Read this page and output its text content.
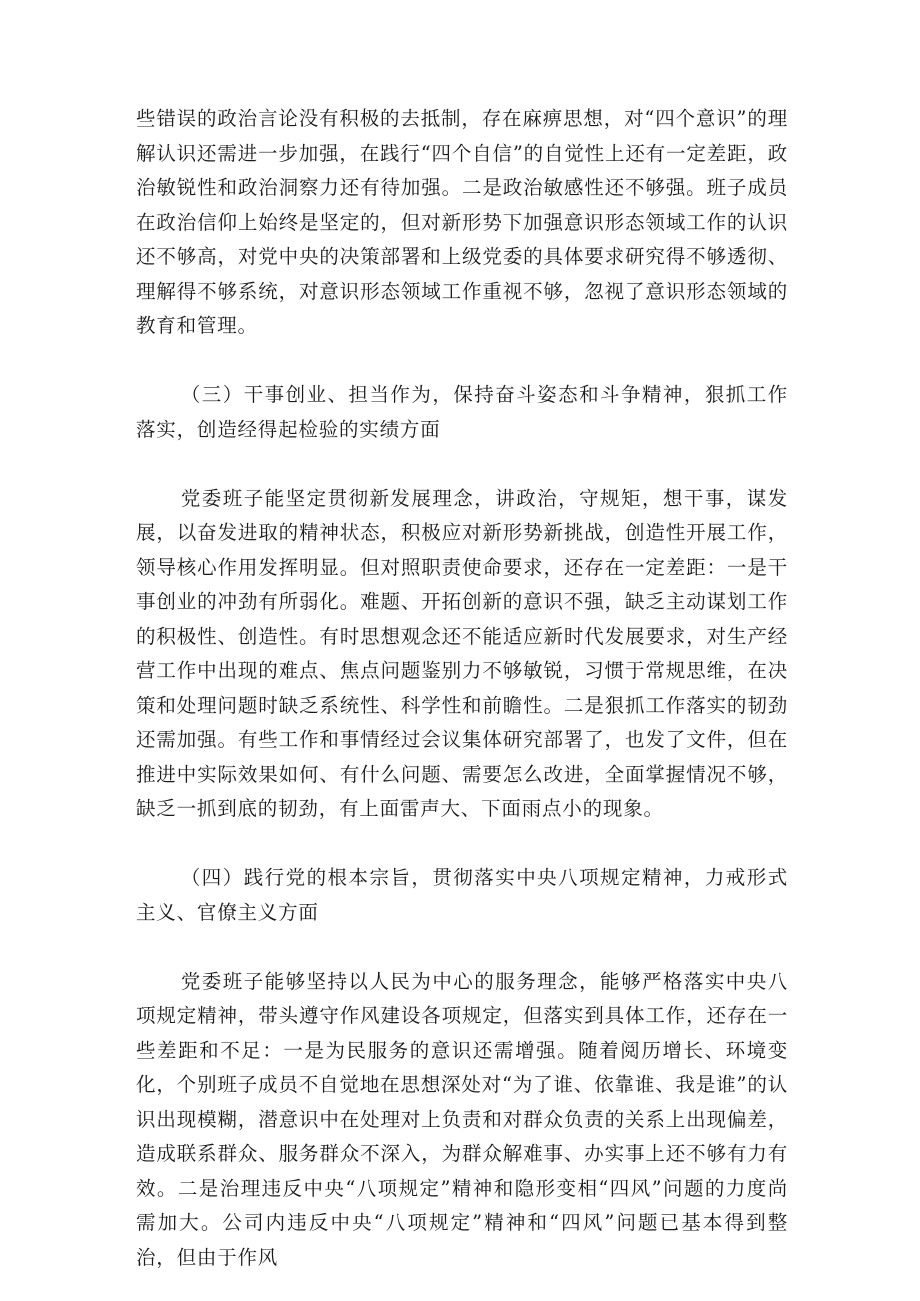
些错误的政治言论没有积极的去抵制，存在麻痹思想，对“四个意识”的理解认识还需进一步加强，在践行“四个自信”的自觉性上还有一定差距，政治敏锐性和政治洞察力还有待加强。二是政治敏感性还不够强。班子成员在政治信仰上始终是坚定的，但对新形势下加强意识形态领域工作的认识还不够高，对党中央的决策部署和上级党委的具体要求研究得不够透彻、理解得不够系统，对意识形态领域工作重视不够，忽视了意识形态领域的教育和管理。

（三）干事创业、担当作为，保持奋斗姿态和斗争精神，狠抓工作落实，创造经得起检验的实绩方面

党委班子能坚定贯彻新发展理念，讲政治，守规矩，想干事，谋发展，以奋发进取的精神状态，积极应对新形势新挑战，创造性开展工作，领导核心作用发挥明显。但对照职责使命要求，还存在一定差距：一是干事创业的冲劲有所弱化。难题、开拓创新的意识不强，缺乏主动谋划工作的积极性、创造性。有时思想观念还不能适应新时代发展要求，对生产经营工作中出现的难点、焦点问题鉴别力不够敏锐，习惯于常规思维，在决策和处理问题时缺乏系统性、科学性和前瞻性。二是狠抓工作落实的韧劲还需加强。有些工作和事情经过会议集体研究部署了，也发了文件，但在推进中实际效果如何、有什么问题、需要怎么改进，全面掌握情况不够，缺乏一抓到底的韧劲，有上面雷声大、下面雨点小的现象。

（四）践行党的根本宗旨，贯彻落实中央八项规定精神，力戒形式主义、官僚主义方面

党委班子能够坚持以人民为中心的服务理念，能够严格落实中央八项规定精神，带头遵守作风建设各项规定，但落实到具体工作，还存在一些差距和不足：一是为民服务的意识还需增强。随着阅历增长、环境变化，个别班子成员不自觉地在思想深处对“为了谁、依靠谁、我是谁”的认识出现模糊，潜意识中在处理对上负责和对群众负责的关系上出现偏差，造成联系群众、服务群众不深入，为群众解难事、办实事上还不够有力有效。二是治理违反中央“八项规定”精神和隐形变相“四风”问题的力度尚需加大。公司内违反中央“八项规定”精神和“四风”问题已基本得到整治，但由于作风
